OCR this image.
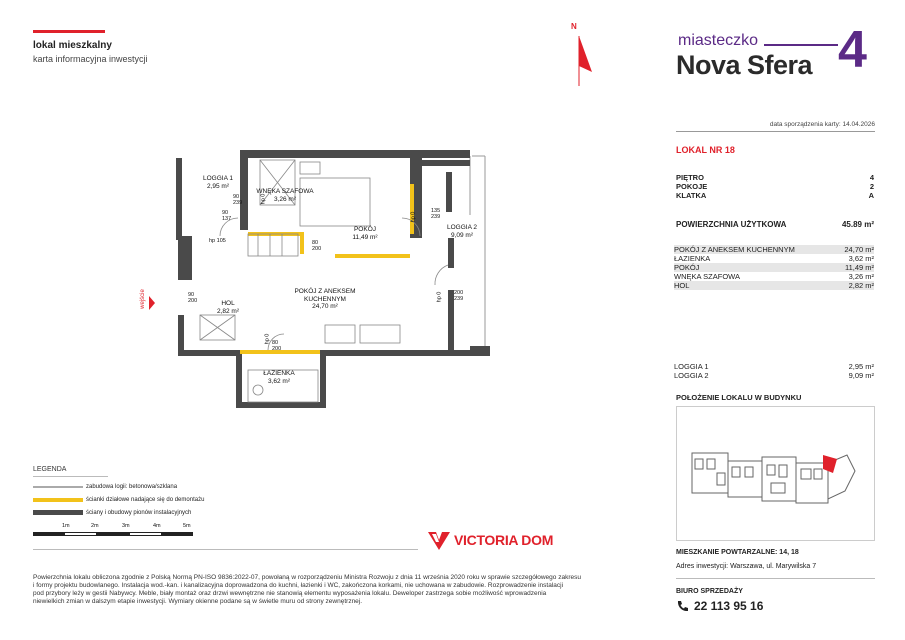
lokal mieszkalny
karta informacyjna inwestycji
N
miasteczko
Nova Sfera 4
data sporządzenia karty: 14.04.2026
LOKAL NR 18
PIĘTRO	4
POKOJE	2
KLATKA	A
POWIERZCHNIA UŻYTKOWA	45.89 m²
POKÓJ Z ANEKSEM KUCHENNYM	24,70 m²
ŁAZIENKA	3,62 m²
POKÓJ	11,49 m²
WNĘKA SZAFOWA	3,26 m²
HOL	2,82 m²
LOGGIA 1	2,95 m²
LOGGIA 2	9,09 m²
POŁOŻENIE LOKALU W BUDYNKU
MIESZKANIE POWTARZALNE: 14, 18
Adres inwestycji: Warszawa, ul. Marywilska 7
BIURO SPRZEDAŻY
22 113 95 16
LOGGIA 1
2,95 m²
WNĘKA SZAFOWA
3,26 m²
POKÓJ
11,49 m²
LOGGIA 2
9,09 m²
POKÓJ Z ANEKSEM
KUCHENNYM
24,70 m²
HOL
2,82 m²
ŁAZIENKA
3,62 m²
wejście
90
239	hp 0
hp 105
90
137
135
239
hp 0
80
200
90
200
200
239
hp 0
80
200
hp 0
LEGENDA
zabudowa logii: betonowa/szklana
ścianki działowe nadające się do demontażu
ściany i obudowy pionów instalacyjnych
1m	2m	3m	4m	5m
VICTORIA DOM
Powierzchnia lokalu obliczona zgodnie z Polską Normą PN-ISO 9836:2022-07, powołaną w rozporządzeniu Ministra Rozwoju z dnia 11 września 2020 roku w sprawie szczegółowego zakresu
i formy projektu budowlanego. Instalacja wod.-kan. i kanalizacyjna doprowadzona do kuchni, łazienki i WC, zakończona korkami, nie uchowana w zabudowie. Rozprowadzenie instalacji
pod przybory leży w gestii Nabywcy. Meble, biały montaż oraz drzwi wewnętrzne nie stanowią elementu wyposażenia lokalu. Deweloper zastrzega sobie możliwość wprowadzenia
niewielkich zmian w dalszym etapie inwestycji. Wymiary okienne podane są w świetle muru od strony zewnętrznej.
